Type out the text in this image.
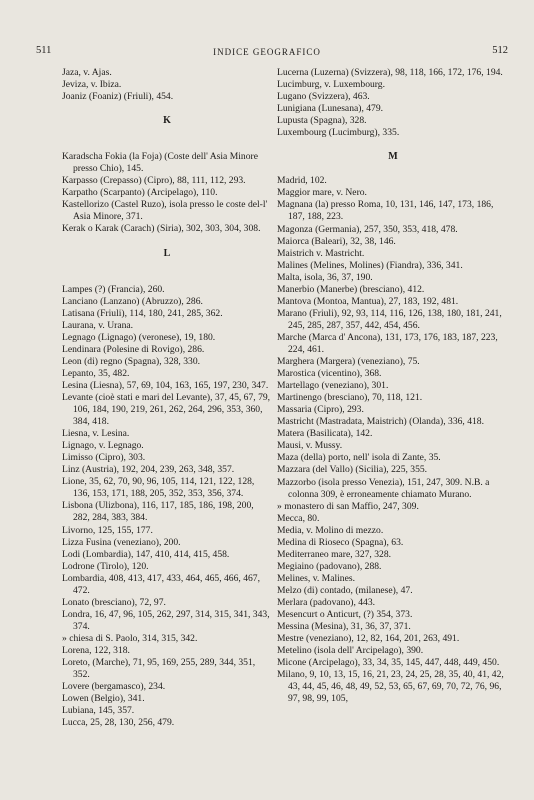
511	INDICE GEOGRAFICO	512
Jaza, v. Ajas.
Jeviza, v. Ibiza.
Joaniz (Foaniz) (Friuli), 454.
K
Karadscha Fokia (la Foja) (Coste dell' Asia Minore presso Chio), 145.
Karpasso (Crepasso) (Cipro), 88, 111, 112, 293.
Karpatho (Scarpanto) (Arcipelago), 110.
Kastellorizo (Castel Ruzo), isola presso le coste del-l' Asia Minore, 371.
Kerak o Karak (Carach) (Siria), 302, 303, 304, 308.
L
Lampes (?) (Francia), 260.
Lanciano (Lanzano) (Abruzzo), 286.
Latisana (Friuli), 114, 180, 241, 285, 362.
Laurana, v. Urana.
Legnago (Lignago) (veronese), 19, 180.
Lendinara (Polesine di Rovigo), 286.
Leon (di) regno (Spagna), 328, 330.
Lepanto, 35, 482.
Lesina (Liesna), 57, 69, 104, 163, 165, 197, 230, 347.
Levante (cioè stati e mari del Levante), 37, 45, 67, 79, 106, 184, 190, 219, 261, 262, 264, 296, 353, 360, 384, 418.
Liesna, v. Lesina.
Lignago, v. Legnago.
Limisso (Cipro), 303.
Linz (Austria), 192, 204, 239, 263, 348, 357.
Lione, 35, 62, 70, 90, 96, 105, 114, 121, 122, 128, 136, 153, 171, 188, 205, 352, 353, 356, 374.
Lisbona (Ulizbona), 116, 117, 185, 186, 198, 200, 282, 284, 383, 384.
Livorno, 125, 155, 177.
Lizza Fusina (veneziano), 200.
Lodi (Lombardia), 147, 410, 414, 415, 458.
Lodrone (Tirolo), 120.
Lombardia, 408, 413, 417, 433, 464, 465, 466, 467, 472.
Lonato (bresciano), 72, 97.
Londra, 16, 47, 96, 105, 262, 297, 314, 315, 341, 343, 374.
» chiesa di S. Paolo, 314, 315, 342.
Lorena, 122, 318.
Loreto, (Marche), 71, 95, 169, 255, 289, 344, 351, 352.
Lovere (bergamasco), 234.
Lowen (Belgio), 341.
Lubiana, 145, 357.
Lucca, 25, 28, 130, 256, 479.
Lucerna (Luzerna) (Svizzera), 98, 118, 166, 172, 176, 194.
Lucimburg, v. Luxembourg.
Lugano (Svizzera), 463.
Lunigiana (Lunesana), 479.
Lupusta (Spagna), 328.
Luxembourg (Lucimburg), 335.
M
Madrid, 102.
Maggior mare, v. Nero.
Magnana (la) presso Roma, 10, 131, 146, 147, 173, 186, 187, 188, 223.
Magonza (Germania), 257, 350, 353, 418, 478.
Maiorca (Baleari), 32, 38, 146.
Maistrich v. Mastricht.
Malines (Melines, Molines) (Fiandra), 336, 341.
Malta, isola, 36, 37, 190.
Manerbio (Manerbe) (bresciano), 412.
Mantova (Montoa, Mantua), 27, 183, 192, 481.
Marano (Friuli), 92, 93, 114, 116, 126, 138, 180, 181, 241, 245, 285, 287, 357, 442, 454, 456.
Marche (Marca d' Ancona), 131, 173, 176, 183, 187, 223, 224, 461.
Marghera (Margera) (veneziano), 75.
Marostica (vicentino), 368.
Martellago (veneziano), 301.
Martinengo (bresciano), 70, 118, 121.
Massaria (Cipro), 293.
Mastricht (Mastradata, Maistrich) (Olanda), 336, 418.
Matera (Basilicata), 142.
Mausi, v. Mussy.
Maza (della) porto, nell' isola di Zante, 35.
Mazzara (del Vallo) (Sicilia), 225, 355.
Mazzorbo (isola presso Venezia), 151, 247, 309. N.B. a colonna 309, è erroneamente chiamato Murano.
» monastero di san Maffio, 247, 309.
Mecca, 80.
Media, v. Molino di mezzo.
Medina di Rioseco (Spagna), 63.
Mediterraneo mare, 327, 328.
Megiaino (padovano), 288.
Melines, v. Malines.
Melzo (di) contado, (milanese), 47.
Merlara (padovano), 443.
Mesencurt o Anticurt, (?) 354, 373.
Messina (Mesina), 31, 36, 37, 371.
Mestre (veneziano), 12, 82, 164, 201, 263, 491.
Metelino (isola dell' Arcipelago), 390.
Micone (Arcipelago), 33, 34, 35, 145, 447, 448, 449, 450.
Milano, 9, 10, 13, 15, 16, 21, 23, 24, 25, 28, 35, 40, 41, 42, 43, 44, 45, 46, 48, 49, 52, 53, 65, 67, 69, 70, 72, 76, 96, 97, 98, 99, 105,
